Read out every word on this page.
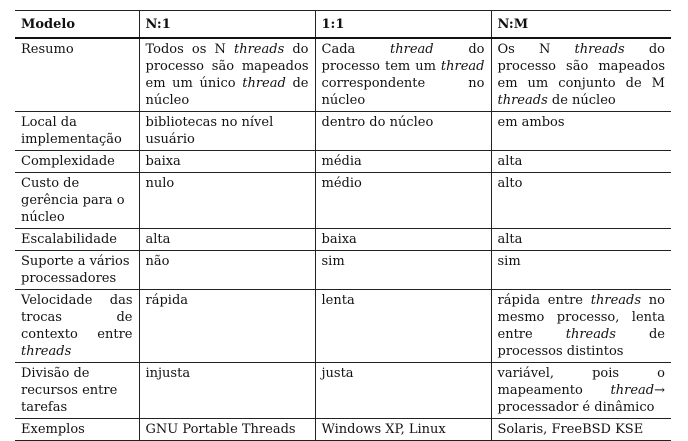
Modelo	N:1	1:1	N:M
Resumo	Todos os N threads do processo são mapeados em um único thread de núcleo	Cada thread do processo tem um thread correspondente no núcleo	Os N threads do processo são mapeados em um conjunto de M threads de núcleo
Local da implementação	bibliotecas no nível usuário	dentro do núcleo	em ambos
Complexidade	baixa	média	alta
Custo de gerência para o núcleo	nulo	médio	alto
Escalabilidade	alta	baixa	alta
Suporte a vários processadores	não	sim	sim
Velocidade das trocas de contexto entre threads	rápida	lenta	rápida entre threads no mesmo processo, lenta entre threads de processos distintos
Divisão de recursos entre tarefas	injusta	justa	variável, pois o mapeamento thread→ processador é dinâmico
Exemplos	GNU Portable Threads	Windows XP, Linux	Solaris, FreeBSD KSE
